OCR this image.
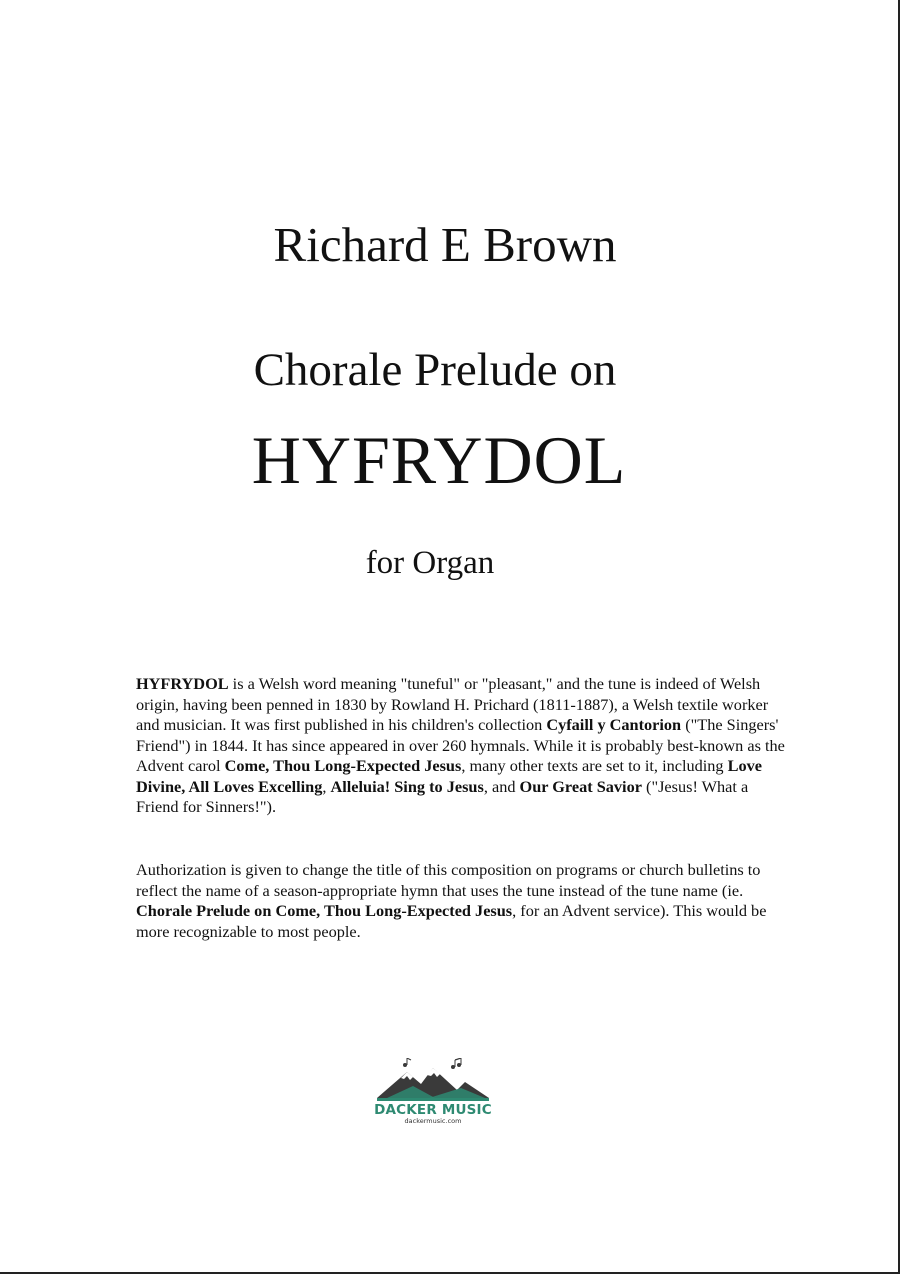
Richard E Brown
Chorale Prelude on
HYFRYDOL
for Organ

HYFRYDOL is a Welsh word meaning "tuneful" or "pleasant," and the tune is indeed of Welsh origin, having been penned in 1830 by Rowland H. Prichard (1811-1887), a Welsh textile worker and musician. It was first published in his children's collection Cyfaill y Cantorion ("The Singers' Friend") in 1844. It has since appeared in over 260 hymnals. While it is probably best-known as the Advent carol Come, Thou Long-Expected Jesus, many other texts are set to it, including Love Divine, All Loves Excelling, Alleluia! Sing to Jesus, and Our Great Savior ("Jesus! What a Friend for Sinners!").

Authorization is given to change the title of this composition on programs or church bulletins to reflect the name of a season-appropriate hymn that uses the tune instead of the tune name (ie. Chorale Prelude on Come, Thou Long-Expected Jesus, for an Advent service). This would be more recognizable to most people.

DACKER MUSIC
dackermusic.com
